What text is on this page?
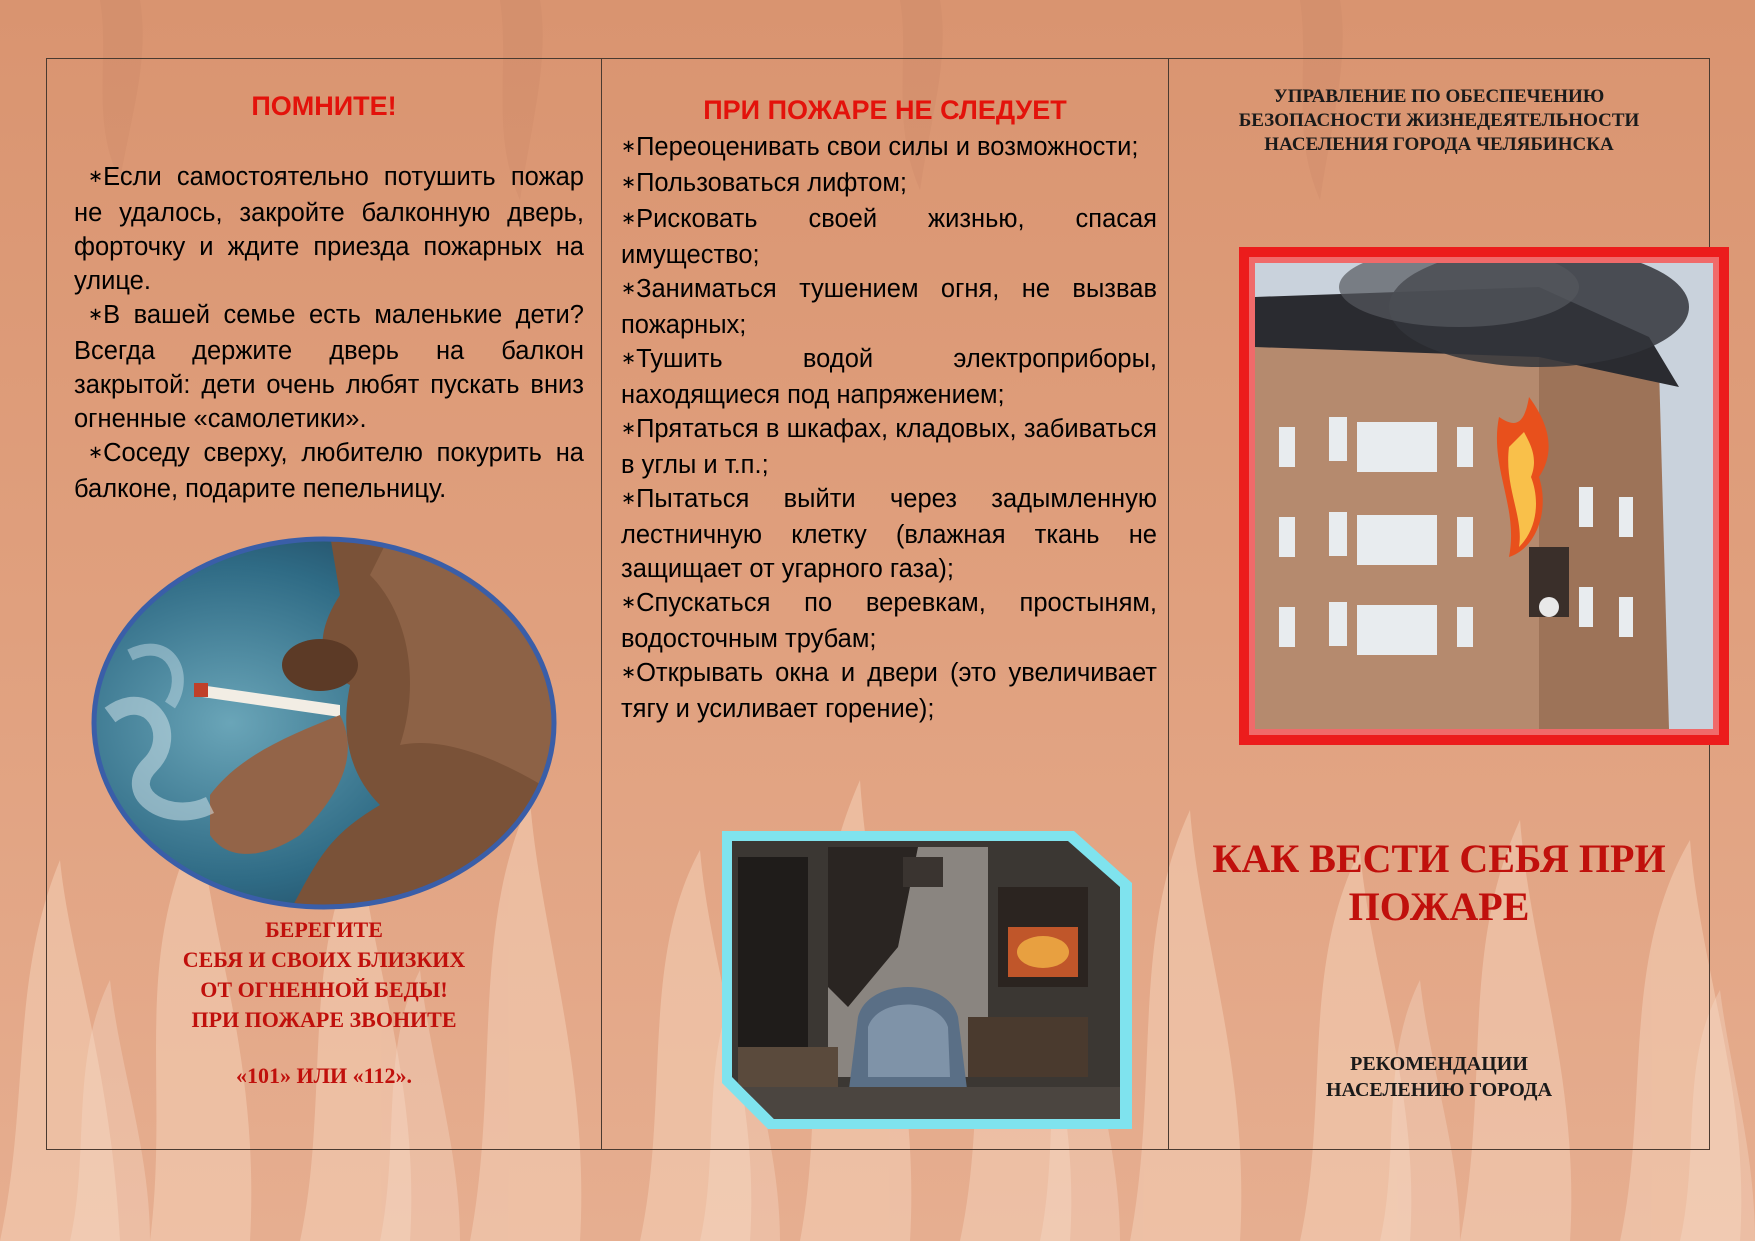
ПОМНИТЕ!

∗Если самостоятельно потушить пожар не удалось, закройте балконную дверь, форточку и ждите приезда пожарных на улице.

∗В вашей семье есть маленькие дети? Всегда держите дверь на балкон закрытой: дети очень любят пускать вниз огненные «самолетики».

∗Соседу сверху, любителю покурить на балконе, подарите пепельницу.

БЕРЕГИТЕ
СЕБЯ И СВОИХ БЛИЗКИХ
ОТ ОГНЕННОЙ БЕДЫ!
ПРИ ПОЖАРЕ ЗВОНИТЕ
«101» ИЛИ «112».
ПРИ ПОЖАРЕ НЕ СЛЕДУЕТ

∗Переоценивать свои силы и возможности;

∗Пользоваться лифтом;

∗Рисковать своей жизнью, спасая имущество;

∗Заниматься тушением огня, не вызвав пожарных;

∗Тушить водой электроприборы, находящиеся под напряжением;

∗Прятаться в шкафах, кладовых, забиваться в углы и т.п.;

∗Пытаться выйти через задымленную лестничную клетку (влажная ткань не защищает от угарного газа);

∗Спускаться по веревкам, простыням, водосточным трубам;

∗Открывать окна и двери (это увеличивает тягу и усиливает горение);

УПРАВЛЕНИЕ ПО ОБЕСПЕЧЕНИЮ
БЕЗОПАСНОСТИ ЖИЗНЕДЕЯТЕЛЬНОСТИ
НАСЕЛЕНИЯ ГОРОДА ЧЕЛЯБИНСКА
КАК ВЕСТИ СЕБЯ ПРИ
ПОЖАРЕ
РЕКОМЕНДАЦИИ
НАСЕЛЕНИЮ ГОРОДА
